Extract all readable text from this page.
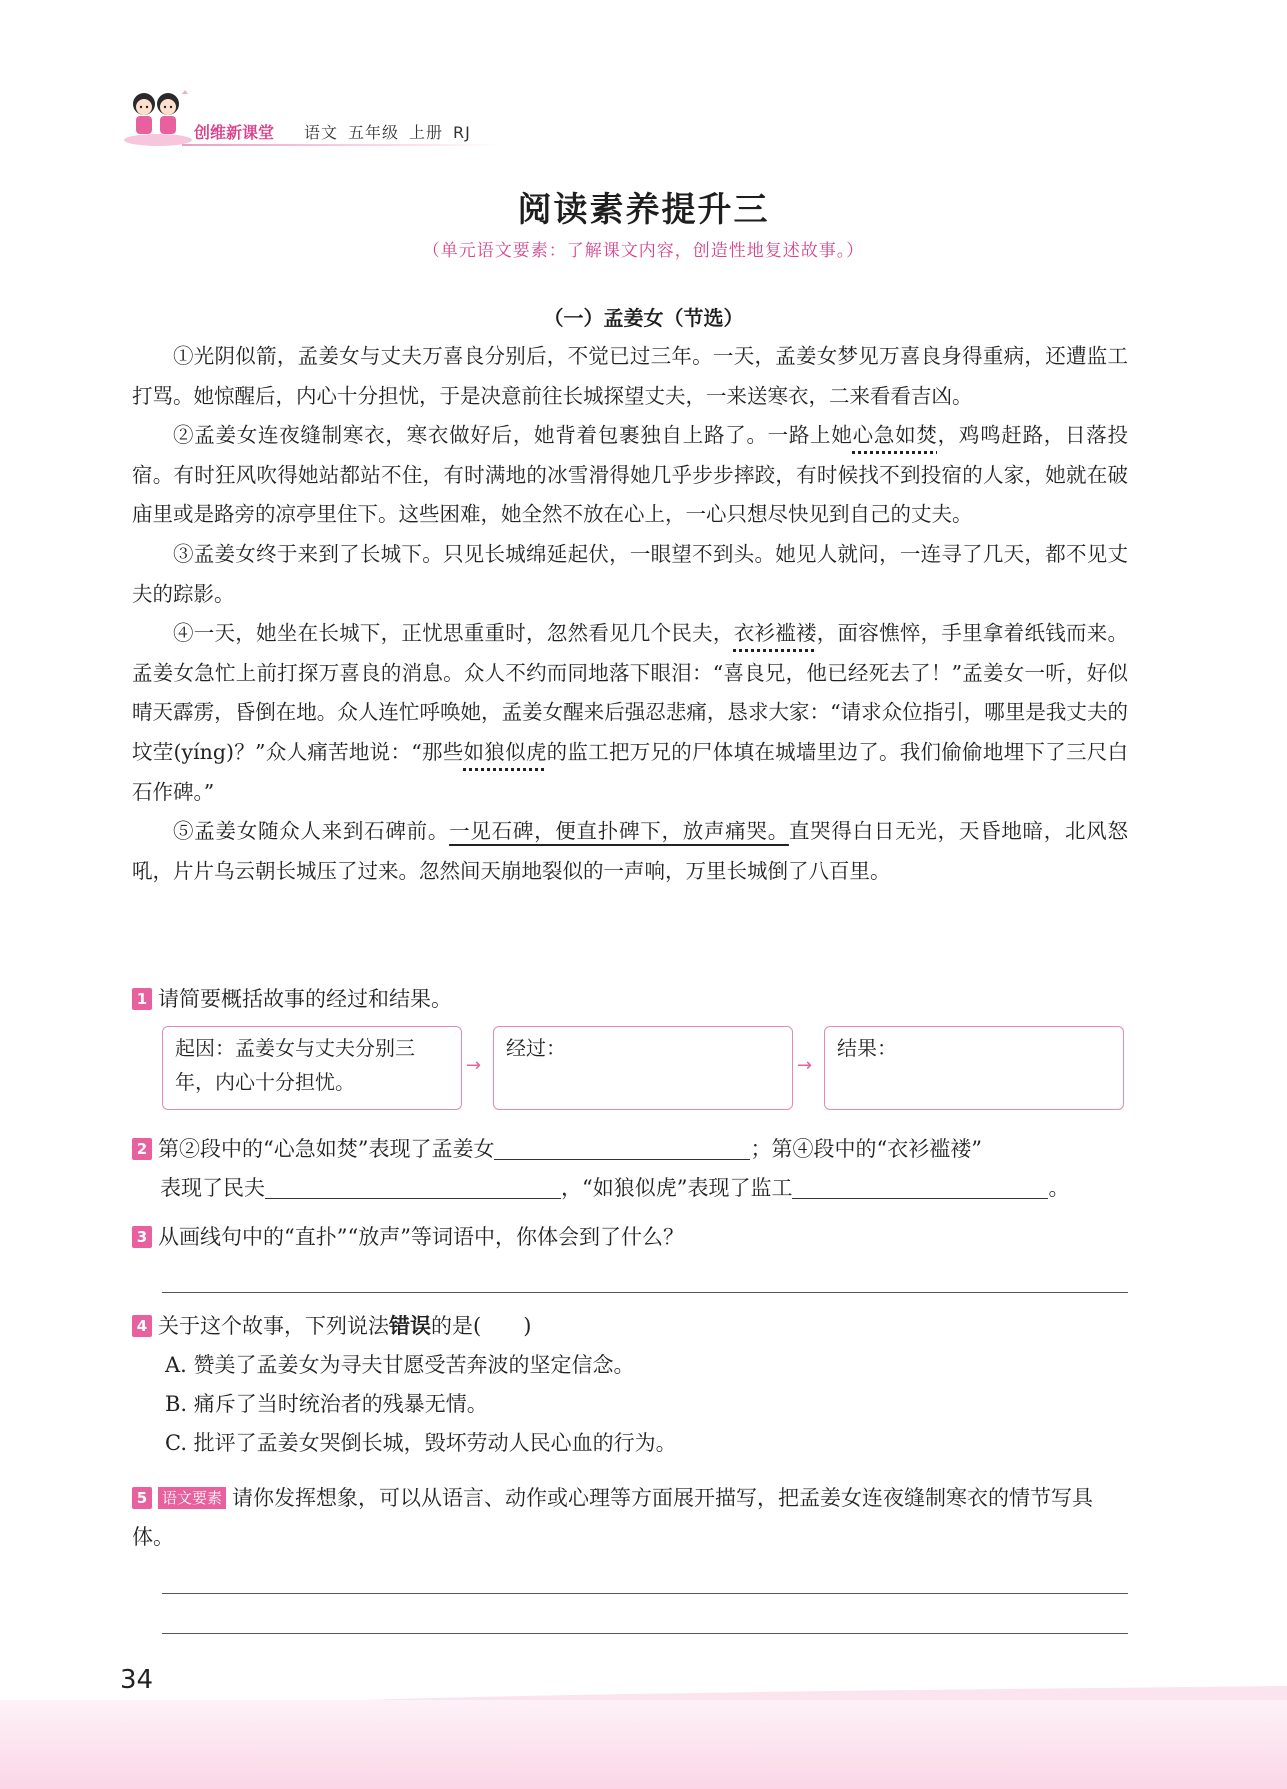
创维新课堂 语文 五年级 上册 RJ
阅读素养提升三
（单元语文要素：了解课文内容，创造性地复述故事。）
（一）孟姜女（节选）

①光阴似箭，孟姜女与丈夫万喜良分别后，不觉已过三年。一天，孟姜女梦见万喜良身得重病，还遭监工打骂。她惊醒后，内心十分担忧，于是决意前往长城探望丈夫，一来送寒衣，二来看看吉凶。

②孟姜女连夜缝制寒衣，寒衣做好后，她背着包裹独自上路了。一路上她心急如焚，鸡鸣赶路，日落投宿。有时狂风吹得她站都站不住，有时满地的冰雪滑得她几乎步步摔跤，有时候找不到投宿的人家，她就在破庙里或是路旁的凉亭里住下。这些困难，她全然不放在心上，一心只想尽快见到自己的丈夫。

③孟姜女终于来到了长城下。只见长城绵延起伏，一眼望不到头。她见人就问，一连寻了几天，都不见丈夫的踪影。

④一天，她坐在长城下，正忧思重重时，忽然看见几个民夫，衣衫褴褛，面容憔悴，手里拿着纸钱而来。孟姜女急忙上前打探万喜良的消息。众人不约而同地落下眼泪：“喜良兄，他已经死去了！”孟姜女一听，好似晴天霹雳，昏倒在地。众人连忙呼唤她，孟姜女醒来后强忍悲痛，恳求大家：“请求众位指引，哪里是我丈夫的坟茔(yíng)？”众人痛苦地说：“那些如狼似虎的监工把万兄的尸体填在城墙里边了。我们偷偷地埋下了三尺白石作碑。”

⑤孟姜女随众人来到石碑前。一见石碑，便直扑碑下，放声痛哭。直哭得白日无光，天昏地暗，北风怒吼，片片乌云朝长城压了过来。忽然间天崩地裂似的一声响，万里长城倒了八百里。

1 请简要概括故事的经过和结果。
起因：孟姜女与丈夫分别三年，内心十分担忧。
→
经过：
→
结果：
2 第②段中的“心急如焚”表现了孟姜女	；第④段中的“衣衫褴褛”
表现了民夫	，“如狼似虎”表现了监工	。
3 从画线句中的“直扑”“放声”等词语中，你体会到了什么？
4 关于这个故事，下列说法错误的是(　　)
A. 赞美了孟姜女为寻夫甘愿受苦奔波的坚定信念。
B. 痛斥了当时统治者的残暴无情。
C. 批评了孟姜女哭倒长城，毁坏劳动人民心血的行为。
5 语文要素 请你发挥想象，可以从语言、动作或心理等方面展开描写，把孟姜女连夜缝制寒衣的情节写具体。
34
